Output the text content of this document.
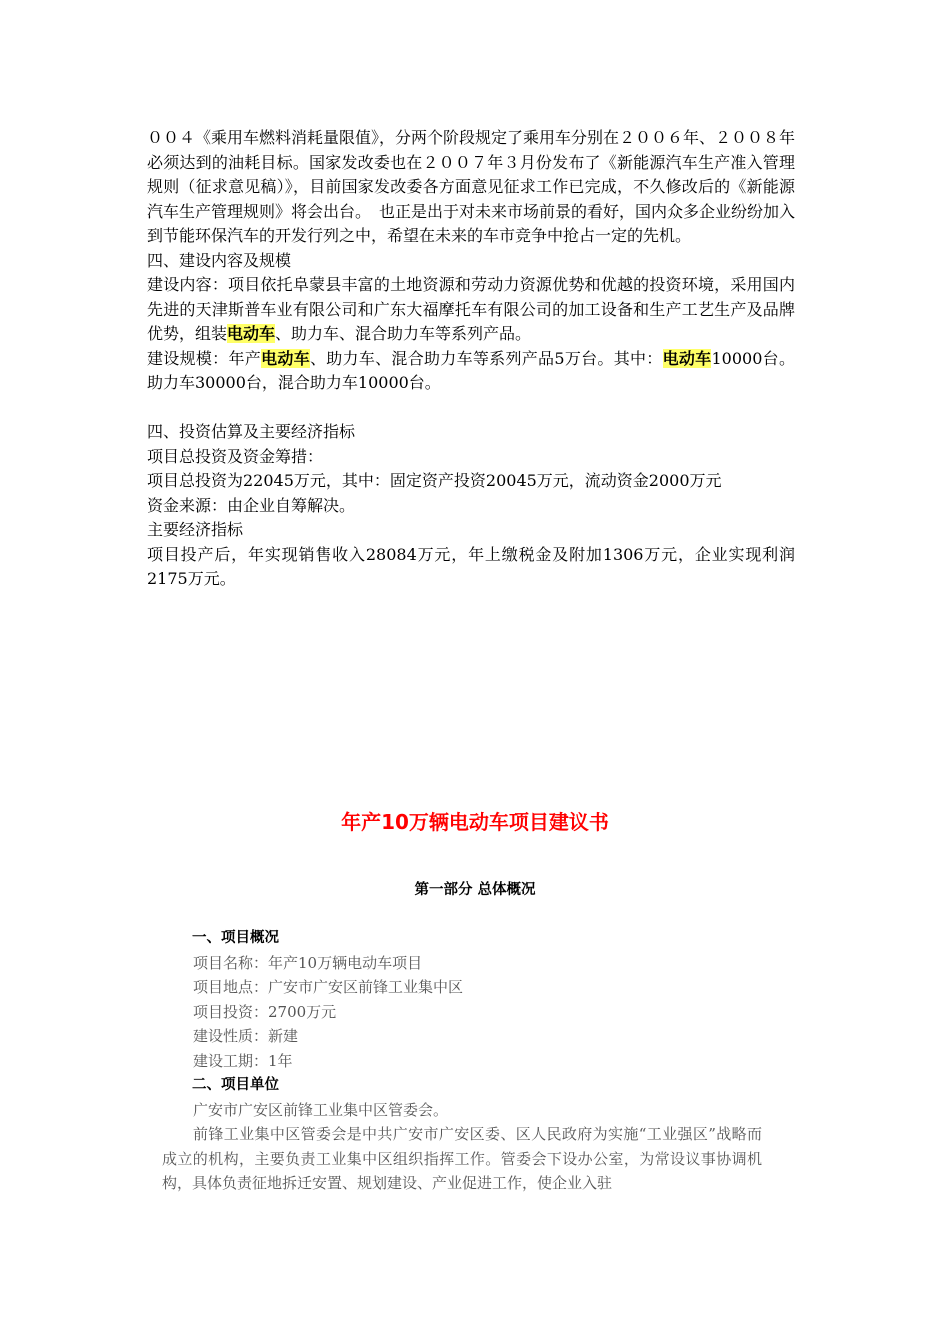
００４《乘用车燃料消耗量限值》，分两个阶段规定了乘用车分别在２００６年、２００８年必须达到的油耗目标。国家发改委也在２００７年３月份发布了《新能源汽车生产准入管理规则（征求意见稿）》，目前国家发改委各方面意见征求工作已完成，不久修改后的《新能源汽车生产管理规则》将会出台。　也正是出于对未来市场前景的看好，国内众多企业纷纷加入到节能环保汽车的开发行列之中，希望在未来的车市竞争中抢占一定的先机。

四、建设内容及规模

建设内容：项目依托阜蒙县丰富的土地资源和劳动力资源优势和优越的投资环境，采用国内先进的天津斯普车业有限公司和广东大福摩托车有限公司的加工设备和生产工艺生产及品牌优势，组装电动车、助力车、混合助力车等系列产品。

建设规模：年产电动车、助力车、混合助力车等系列产品5万台。其中：电动车10000台。助力车30000台，混合助力车10000台。

四、投资估算及主要经济指标

项目总投资及资金筹措：

项目总投资为22045万元，其中：固定资产投资20045万元，流动资金2000万元

资金来源：由企业自筹解决。

主要经济指标

项目投产后，年实现销售收入28084万元，年上缴税金及附加1306万元，企业实现利润2175万元。

年产10万辆电动车项目建议书
第一部分 总体概况

一、项目概况

项目名称：年产10万辆电动车项目

项目地点：广安市广安区前锋工业集中区

项目投资：2700万元

建设性质：新建

建设工期：1年

二、项目单位

广安市广安区前锋工业集中区管委会。

前锋工业集中区管委会是中共广安市广安区委、区人民政府为实施“工业强区”战略而成立的机构，主要负责工业集中区组织指挥工作。管委会下设办公室，为常设议事协调机构，具体负责征地拆迁安置、规划建设、产业促进工作，使企业入驻
